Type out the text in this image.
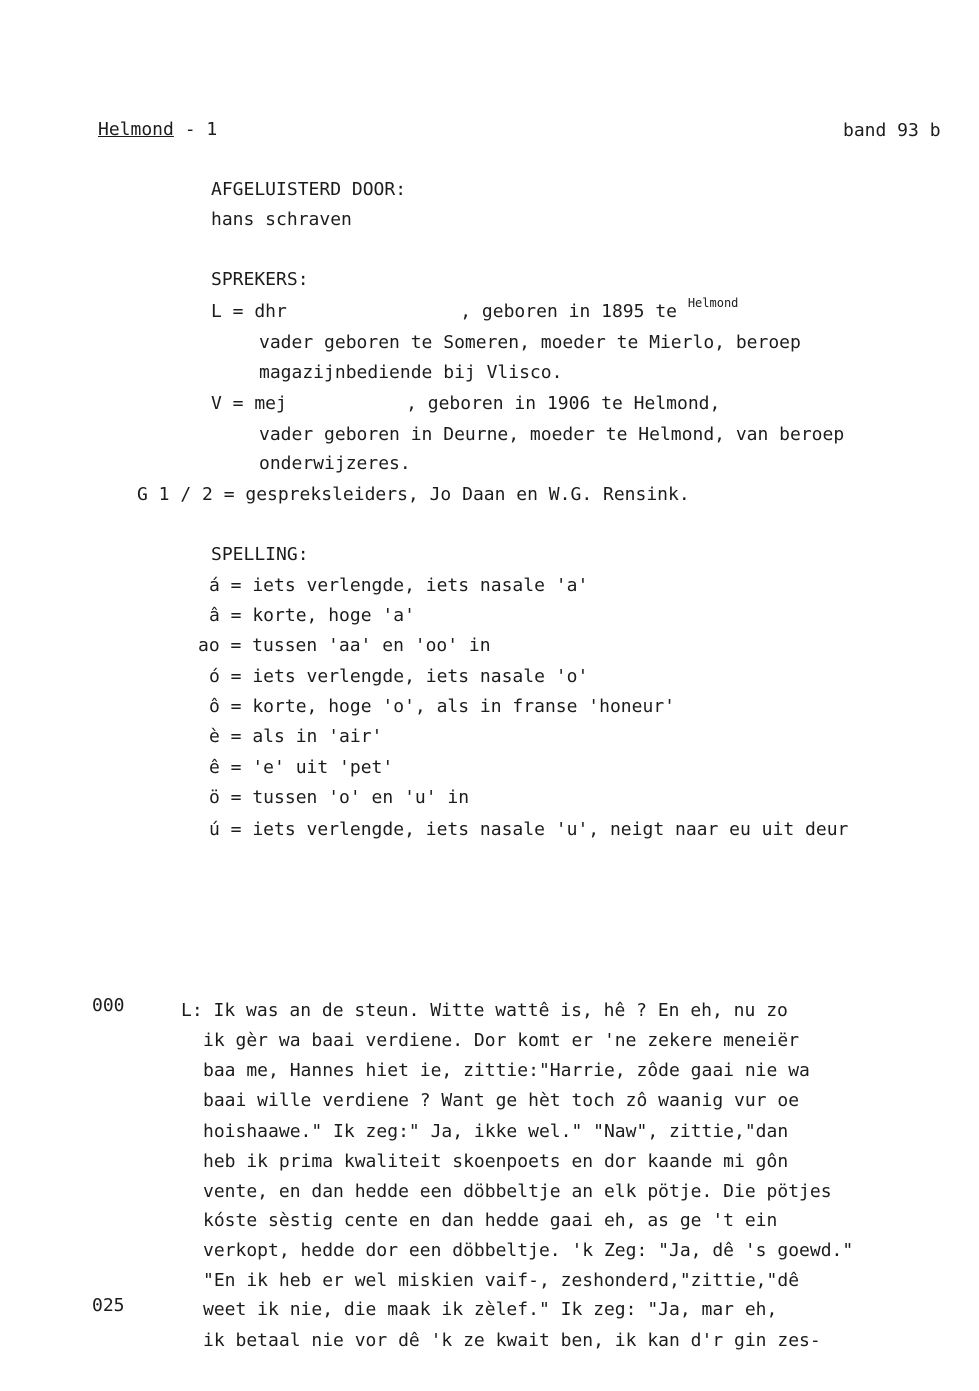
Helmond - 1	band 93 b
AFGELUISTERD DOOR:
hans schraven
SPREKERS:
L = dhr                , geboren in 1895 te $^{Helmond}$
vader geboren te Someren, moeder te Mierlo, beroep
magazijnbediende bij Vlisco.
V = mej           , geboren in 1906 te Helmond,
vader geboren in Deurne, moeder te Helmond, van beroep
onderwijzeres.
G 1 / 2 = gespreksleiders, Jo Daan en W.G. Rensink.
SPELLING:
á = iets verlengde, iets nasale 'a'
â = korte, hoge 'a'
ao = tussen 'aa' en 'oo' in
ó = iets verlengde, iets nasale 'o'
ô = korte, hoge 'o', als in franse 'honeur'
è = als in 'air'
ê = 'e' uit 'pet'
ö = tussen 'o' en 'u' in
ú = iets verlengde, iets nasale 'u', neigt naar eu uit deur
000
025
L: Ik was an de steun. Witte wattê is, hê ? En eh, nu zo
ik gèr wa baai verdiene. Dor komt er 'ne zekere meneiër
baa me, Hannes hiet ie, zittie:"Harrie, zôde gaai nie wa
baai wille verdiene ? Want ge hèt toch zô waanig vur oe
hoishaawe." Ik zeg:" Ja, ikke wel." "Naw", zittie,"dan
heb ik prima kwaliteit skoenpoets en dor kaande mi gôn
vente, en dan hedde een döbbeltje an elk pötje. Die pötjes
kóste sèstig cente en dan hedde gaai eh, as ge 't ein
verkopt, hedde dor een döbbeltje. 'k Zeg: "Ja, dê 's goewd."
"En ik heb er wel miskien vaif-, zeshonderd,"zittie,"dê
weet ik nie, die maak ik zèlef." Ik zeg: "Ja, mar eh,
ik betaal nie vor dê 'k ze kwait ben, ik kan d'r gin zes-
